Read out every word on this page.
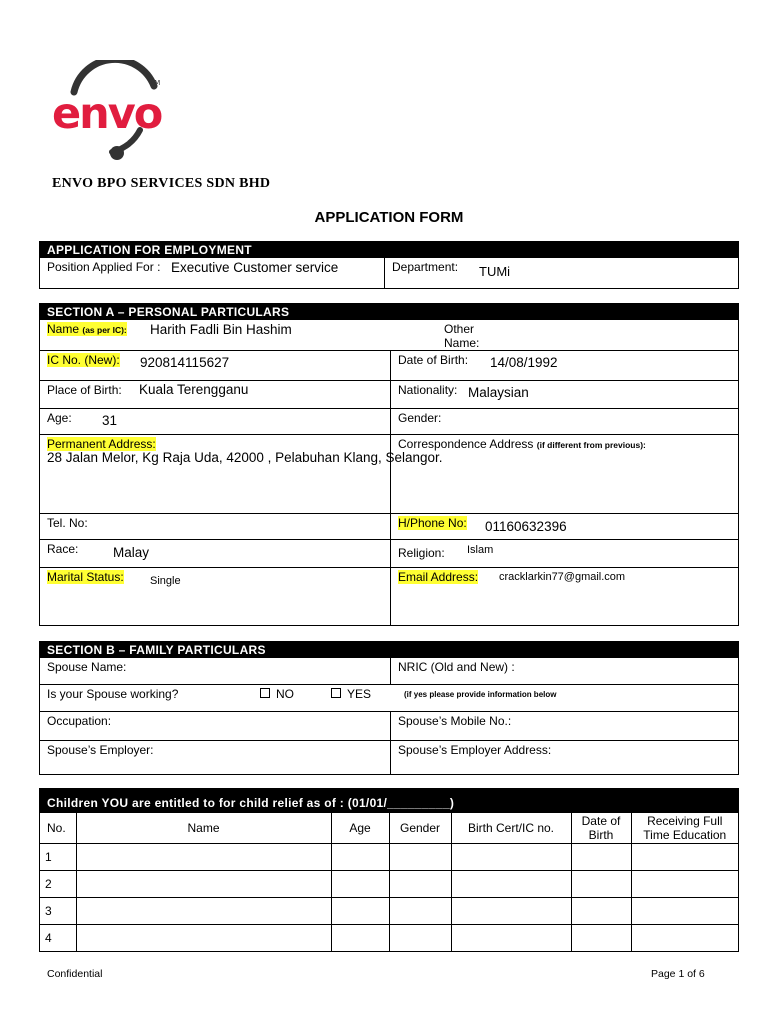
envo
TM
ENVO BPO SERVICES SDN BHD
APPLICATION FORM
APPLICATION FOR EMPLOYMENT
Position Applied For : Executive Customer service	Department: TUMi
SECTION A – PERSONAL PARTICULARS
Name (as per IC): Harith Fadli Bin Hashim	Other Name:
IC No. (New): 920814115627	Date of Birth: 14/08/1992
Place of Birth: Kuala Terengganu	Nationality: Malaysian
Age: 31	Gender:
Permanent Address:
28 Jalan Melor, Kg Raja Uda, 42000 , Pelabuhan Klang, Selangor.
Correspondence Address (if different from previous):
Tel. No:	H/Phone No: 01160632396
Race:	Malay	Religion: Islam
Marital Status: Single	Email Address: cracklarkin77@gmail.com
SECTION B – FAMILY PARTICULARS
Spouse Name:	NRIC (Old and New) :
Is your Spouse working?	NO	YES	(if yes please provide information below
Occupation:	Spouse’s Mobile No.:
Spouse’s Employer:	Spouse’s Employer Address:
Children YOU are entitled to for child relief as of : (01/01/_________)
No.	Name	Age	Gender	Birth Cert/IC no.	Date of Birth	Receiving Full Time Education
1						
2						
3						
4						
Confidential	Page 1 of 6
